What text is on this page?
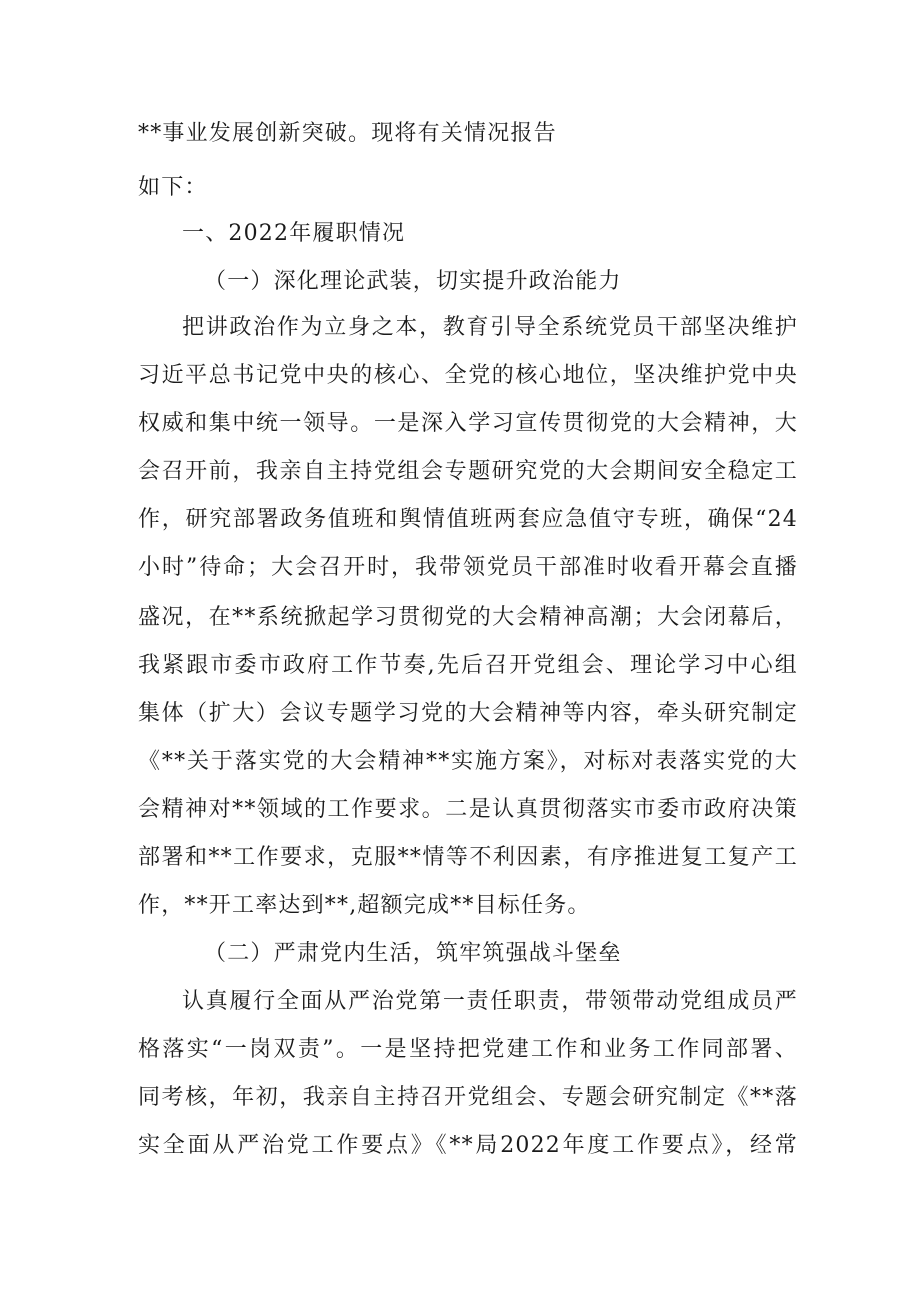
**事业发展创新突破。现将有关情况报告
如下：
一、2022年履职情况
（一）深化理论武装，切实提升政治能力
把讲政治作为立身之本，教育引导全系统党员干部坚决维护
习近平总书记党中央的核心、全党的核心地位，坚决维护党中央
权威和集中统一领导。一是深入学习宣传贯彻党的大会精神，大
会召开前，我亲自主持党组会专题研究党的大会期间安全稳定工
作，研究部署政务值班和舆情值班两套应急值守专班，确保“24
小时”待命；大会召开时，我带领党员干部准时收看开幕会直播
盛况，在**系统掀起学习贯彻党的大会精神高潮；大会闭幕后，
我紧跟市委市政府工作节奏,先后召开党组会、理论学习中心组
集体（扩大）会议专题学习党的大会精神等内容，牵头研究制定
《**关于落实党的大会精神**实施方案》，对标对表落实党的大
会精神对**领域的工作要求。二是认真贯彻落实市委市政府决策
部署和**工作要求，克服**情等不利因素，有序推进复工复产工
作，**开工率达到**,超额完成**目标任务。
（二）严肃党内生活，筑牢筑强战斗堡垒
认真履行全面从严治党第一责任职责，带领带动党组成员严
格落实“一岗双责”。一是坚持把党建工作和业务工作同部署、
同考核，年初，我亲自主持召开党组会、专题会研究制定《**落
实全面从严治党工作要点》《**局2022年度工作要点》，经常
